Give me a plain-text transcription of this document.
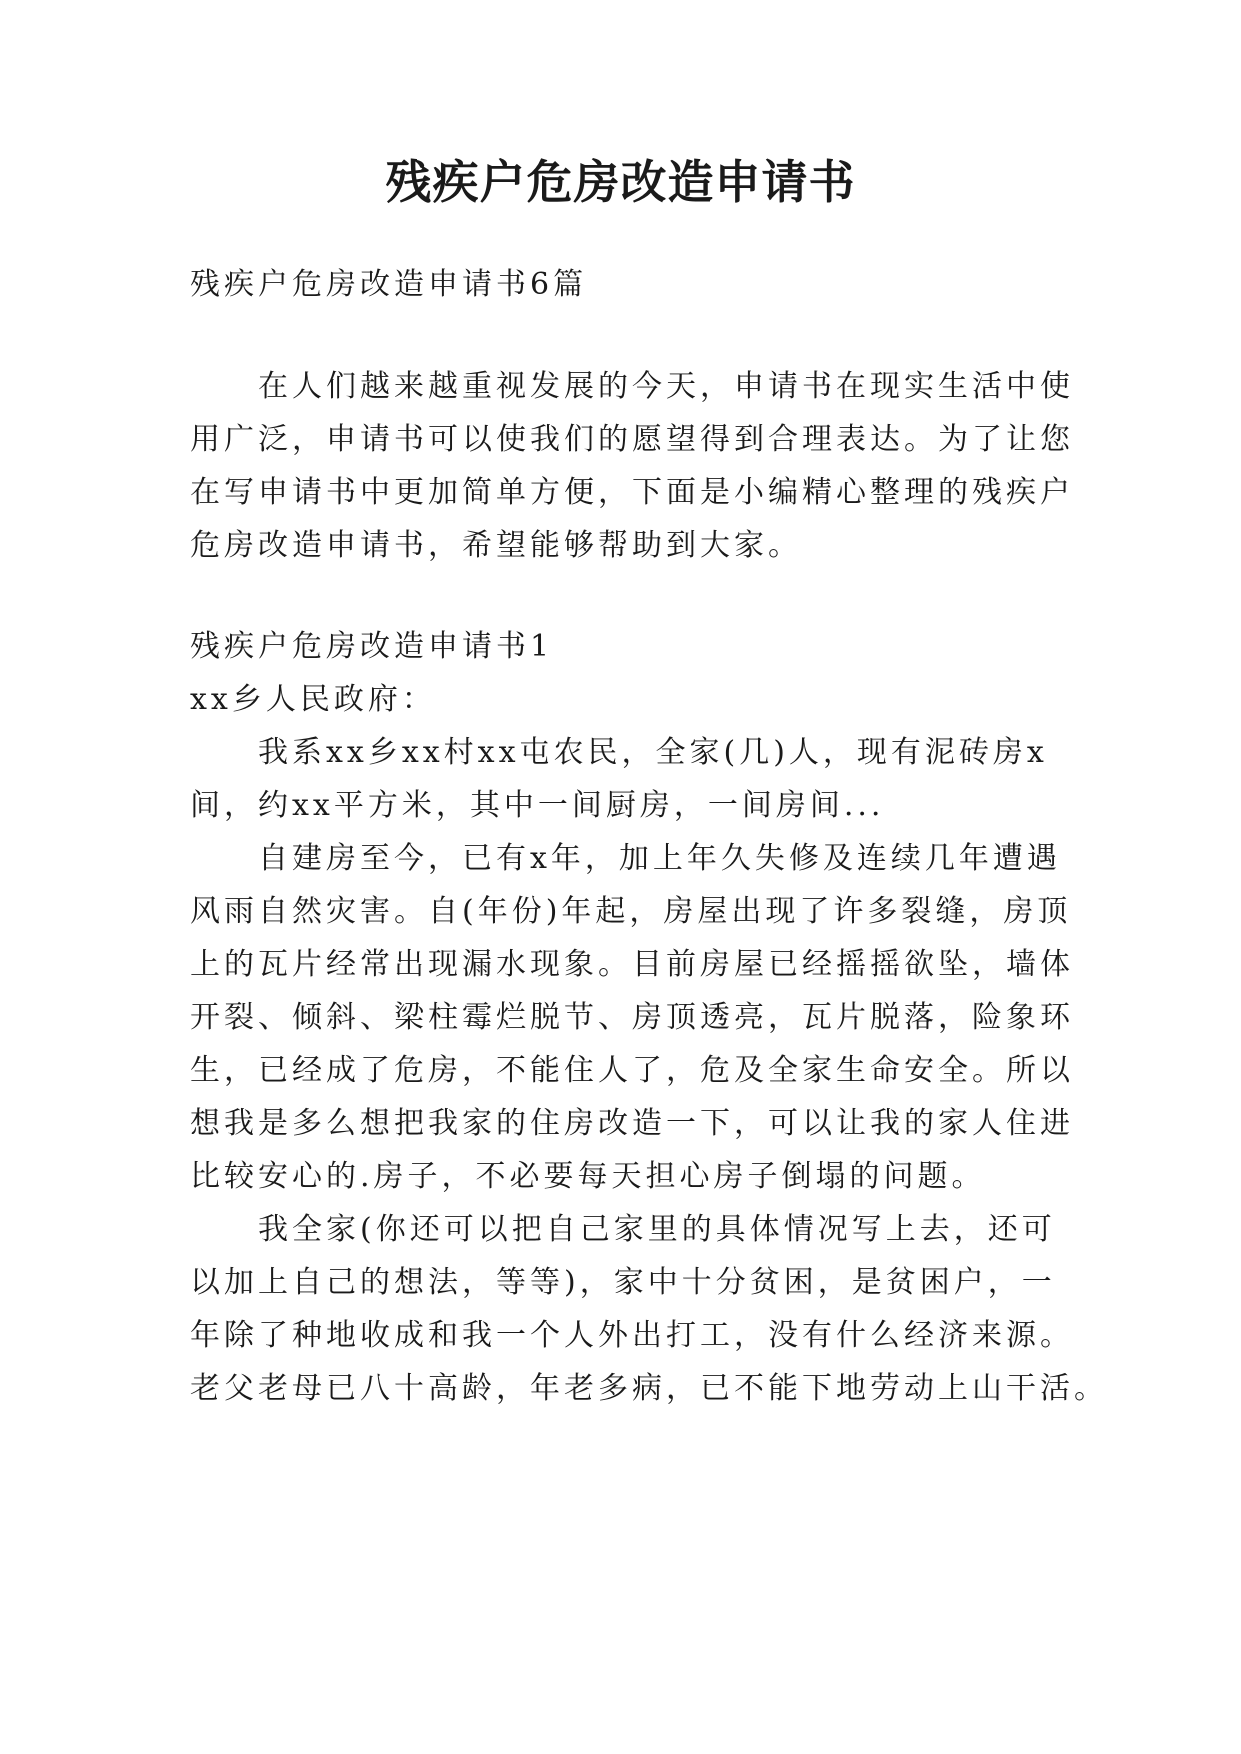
残疾户危房改造申请书

残疾户危房改造申请书6篇

在人们越来越重视发展的今天，申请书在现实生活中使

用广泛，申请书可以使我们的愿望得到合理表达。为了让您

在写申请书中更加简单方便，下面是小编精心整理的残疾户

危房改造申请书，希望能够帮助到大家。

残疾户危房改造申请书1

xx乡人民政府：

我系xx乡xx村xx屯农民，全家(几)人，现有泥砖房x

间，约xx平方米，其中一间厨房，一间房间...

自建房至今，已有x年，加上年久失修及连续几年遭遇

风雨自然灾害。自(年份)年起，房屋出现了许多裂缝，房顶

上的瓦片经常出现漏水现象。目前房屋已经摇摇欲坠，墙体

开裂、倾斜、梁柱霉烂脱节、房顶透亮，瓦片脱落，险象环

生，已经成了危房，不能住人了，危及全家生命安全。所以

想我是多么想把我家的住房改造一下，可以让我的家人住进

比较安心的.房子，不必要每天担心房子倒塌的问题。

我全家(你还可以把自己家里的具体情况写上去，还可

以加上自己的想法，等等)，家中十分贫困，是贫困户，一

年除了种地收成和我一个人外出打工，没有什么经济来源。

老父老母已八十高龄，年老多病，已不能下地劳动上山干活。
